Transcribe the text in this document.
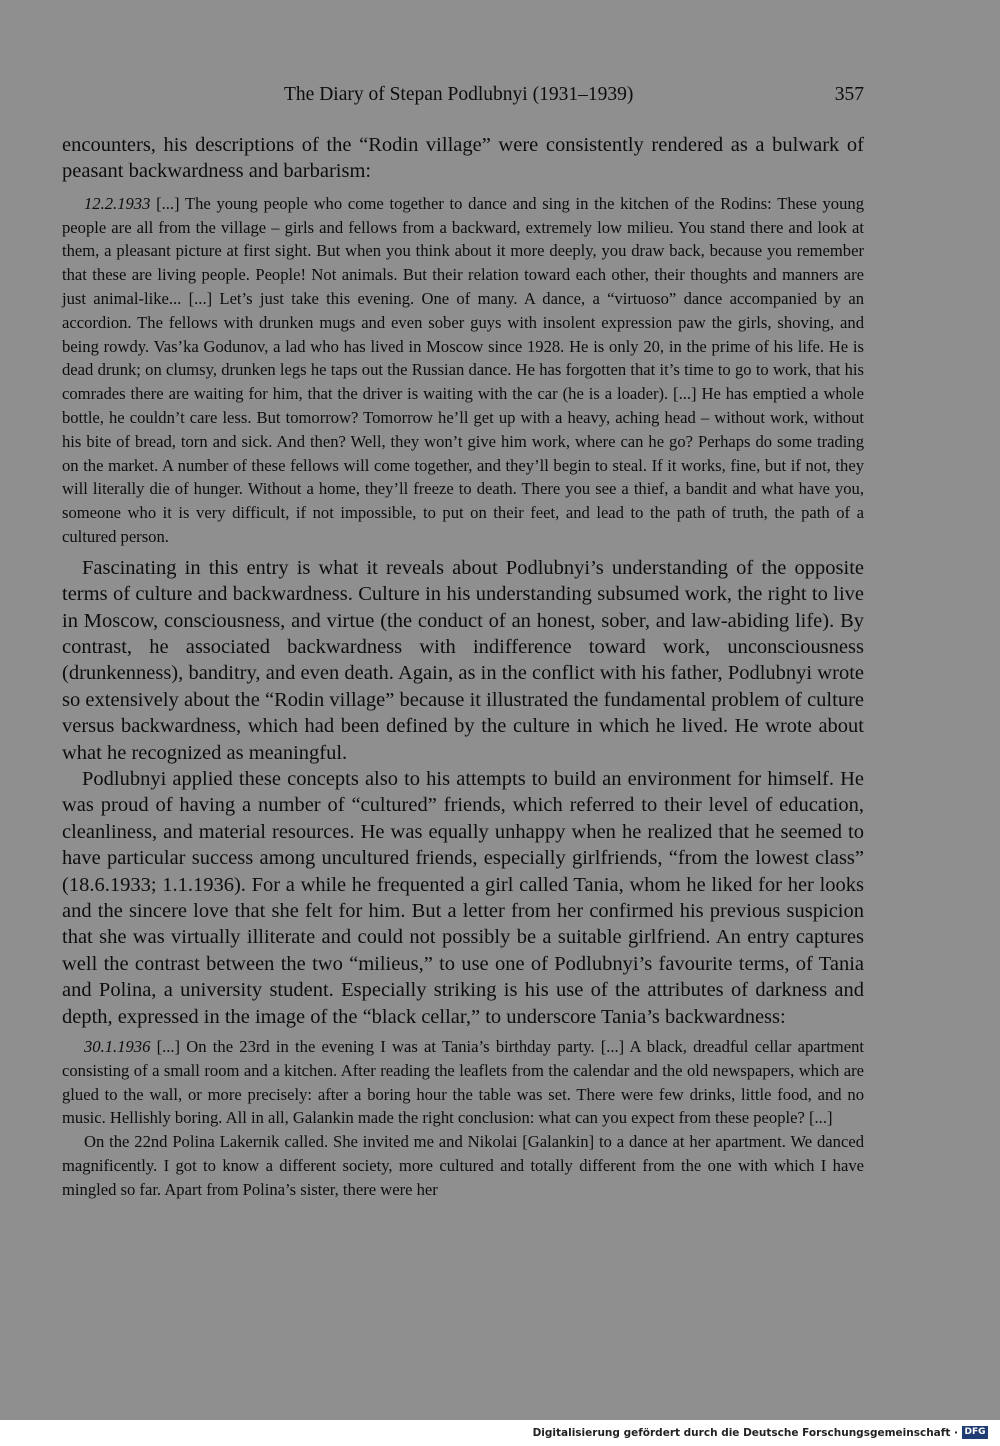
The Diary of Stepan Podlubnyi (1931–1939)	357

encounters, his descriptions of the “Rodin village” were consistently rendered as a bulwark of peasant backwardness and barbarism:

12.2.1933 [...] The young people who come together to dance and sing in the kitchen of the Rodins: These young people are all from the village – girls and fellows from a backward, extremely low milieu. You stand there and look at them, a pleasant picture at first sight. But when you think about it more deeply, you draw back, because you remember that these are living people. People! Not animals. But their relation toward each other, their thoughts and manners are just animal-like... [...] Let’s just take this evening. One of many. A dance, a “virtuoso” dance accompanied by an accordion. The fellows with drunken mugs and even sober guys with insolent expression paw the girls, shoving, and being rowdy. Vas’ka Godunov, a lad who has lived in Moscow since 1928. He is only 20, in the prime of his life. He is dead drunk; on clumsy, drunken legs he taps out the Russian dance. He has forgotten that it’s time to go to work, that his comrades there are waiting for him, that the driver is waiting with the car (he is a loader). [...] He has emptied a whole bottle, he couldn’t care less. But tomorrow? Tomorrow he’ll get up with a heavy, aching head – without work, without his bite of bread, torn and sick. And then? Well, they won’t give him work, where can he go? Perhaps do some trading on the market. A number of these fellows will come together, and they’ll begin to steal. If it works, fine, but if not, they will literally die of hunger. Without a home, they’ll freeze to death. There you see a thief, a bandit and what have you, someone who it is very difficult, if not impossible, to put on their feet, and lead to the path of truth, the path of a cultured person.

Fascinating in this entry is what it reveals about Podlubnyi’s understanding of the opposite terms of culture and backwardness. Culture in his understanding subsumed work, the right to live in Moscow, consciousness, and virtue (the conduct of an honest, sober, and law-abiding life). By contrast, he associated backwardness with indifference toward work, unconsciousness (drunkenness), banditry, and even death. Again, as in the conflict with his father, Podlubnyi wrote so extensively about the “Rodin village” because it illustrated the fundamental problem of culture versus backwardness, which had been defined by the culture in which he lived. He wrote about what he recognized as meaningful.

Podlubnyi applied these concepts also to his attempts to build an environment for himself. He was proud of having a number of “cultured” friends, which referred to their level of education, cleanliness, and material resources. He was equally unhappy when he realized that he seemed to have particular success among uncultured friends, especially girlfriends, “from the lowest class” (18.6.1933; 1.1.1936). For a while he frequented a girl called Tania, whom he liked for her looks and the sincere love that she felt for him. But a letter from her confirmed his previous suspicion that she was virtually illiterate and could not possibly be a suitable girlfriend. An entry captures well the contrast between the two “milieus,” to use one of Podlubnyi’s favourite terms, of Tania and Polina, a university student. Especially striking is his use of the attributes of darkness and depth, expressed in the image of the “black cellar,” to underscore Tania’s backwardness:

30.1.1936 [...] On the 23rd in the evening I was at Tania’s birthday party. [...] A black, dreadful cellar apartment consisting of a small room and a kitchen. After reading the leaflets from the calendar and the old newspapers, which are glued to the wall, or more precisely: after a boring hour the table was set. There were few drinks, little food, and no music. Hellishly boring. All in all, Galankin made the right conclusion: what can you expect from these people? [...]

On the 22nd Polina Lakernik called. She invited me and Nikolai [Galankin] to a dance at her apartment. We danced magnificently. I got to know a different society, more cultured and totally different from the one with which I have mingled so far. Apart from Polina’s sister, there were her

Digitalisierung gefördert durch die Deutsche Forschungsgemeinschaft · DFG
